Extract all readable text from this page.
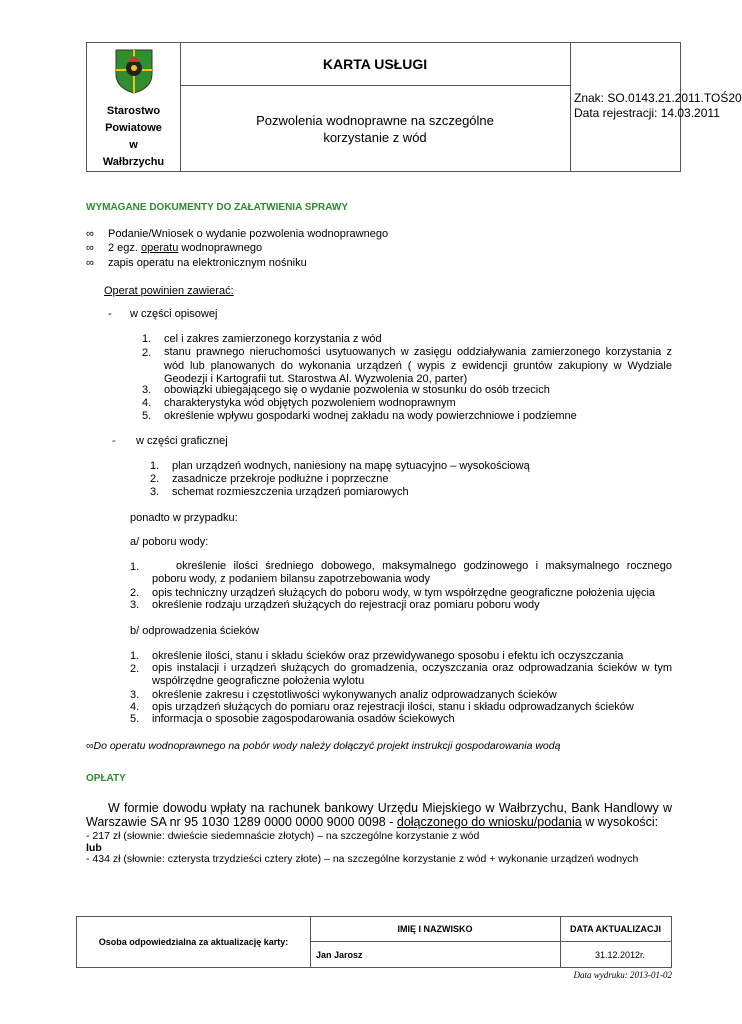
Starostwo
Powiatowe
w
Wałbrzychu
KARTA USŁUGI
Pozwolenia wodnoprawne na szczególne
korzystanie z wód
Znak: SO.0143.21.2011.TOŚ20
Data rejestracji: 14.03.2011
WYMAGANE DOKUMENTY DO ZAŁATWIENIA SPRAWY
∞ Podanie/Wniosek o wydanie pozwolenia wodnoprawnego
∞ 2 egz. operatu wodnoprawnego
∞ zapis operatu na elektronicznym nośniku
Operat powinien zawierać:
- w części opisowej
1. cel i zakres zamierzonego korzystania z wód
2. stanu prawnego nieruchomości usytuowanych w zasięgu oddziaływania zamierzonego korzystania z wód lub planowanych do wykonania urządzeń ( wypis z ewidencji gruntów zakupiony w Wydziale Geodezji i Kartografii tut. Starostwa Al. Wyzwolenia 20, parter)
3. obowiązki ubiegającego się o wydanie pozwolenia w stosunku do osób trzecich
4. charakterystyka wód objętych pozwoleniem wodnoprawnym
5. określenie wpływu gospodarki wodnej zakładu na wody powierzchniowe i podziemne
- w części graficznej
1. plan urządzeń wodnych, naniesiony na mapę sytuacyjno – wysokościową
2. zasadnicze przekroje podłużne i poprzeczne
3. schemat rozmieszczenia urządzeń pomiarowych
ponadto w przypadku:
a/ poboru wody:
1.	określenie ilości średniego dobowego, maksymalnego godzinowego i maksymalnego rocznego poboru wody, z podaniem bilansu zapotrzebowania wody
2. opis techniczny urządzeń służących do poboru wody, w tym współrzędne geograficzne położenia ujęcia
3. określenie rodzaju urządzeń służących do rejestracji oraz pomiaru poboru wody
b/ odprowadzenia ścieków
1. określenie ilości, stanu i składu ścieków oraz przewidywanego sposobu i efektu ich oczyszczania
2. opis instalacji i urządzeń służących do gromadzenia, oczyszczania oraz odprowadzania ścieków w tym współrzędne geograficzne położenia wylotu
3. określenie zakresu i częstotliwości wykonywanych analiz odprowadzanych ścieków
4. opis urządzeń służących do pomiaru oraz rejestracji ilości, stanu i składu odprowadzanych ścieków
5. informacja o sposobie zagospodarowania osadów ściekowych
∞Do operatu wodnoprawnego na pobór wody należy dołączyć projekt instrukcji gospodarowania wodą
OPŁATY
W formie dowodu wpłaty na rachunek bankowy Urzędu Miejskiego w Wałbrzychu, Bank Handlowy w Warszawie SA nr 95 1030 1289 0000 0000 9000 0098 - dołączonego do wniosku/podania w wysokości:
- 217 zł (słownie: dwieście siedemnaście złotych) – na szczególne korzystanie z wód
lub
- 434 zł (słownie: czterysta trzydzieści cztery złote) – na szczególne korzystanie z wód + wykonanie urządzeń wodnych
Osoba odpowiedzialna za aktualizację karty:
IMIĘ I NAZWISKO
Jan Jarosz
DATA AKTUALIZACJI
31.12.2012r.
Data wydruku: 2013-01-02
